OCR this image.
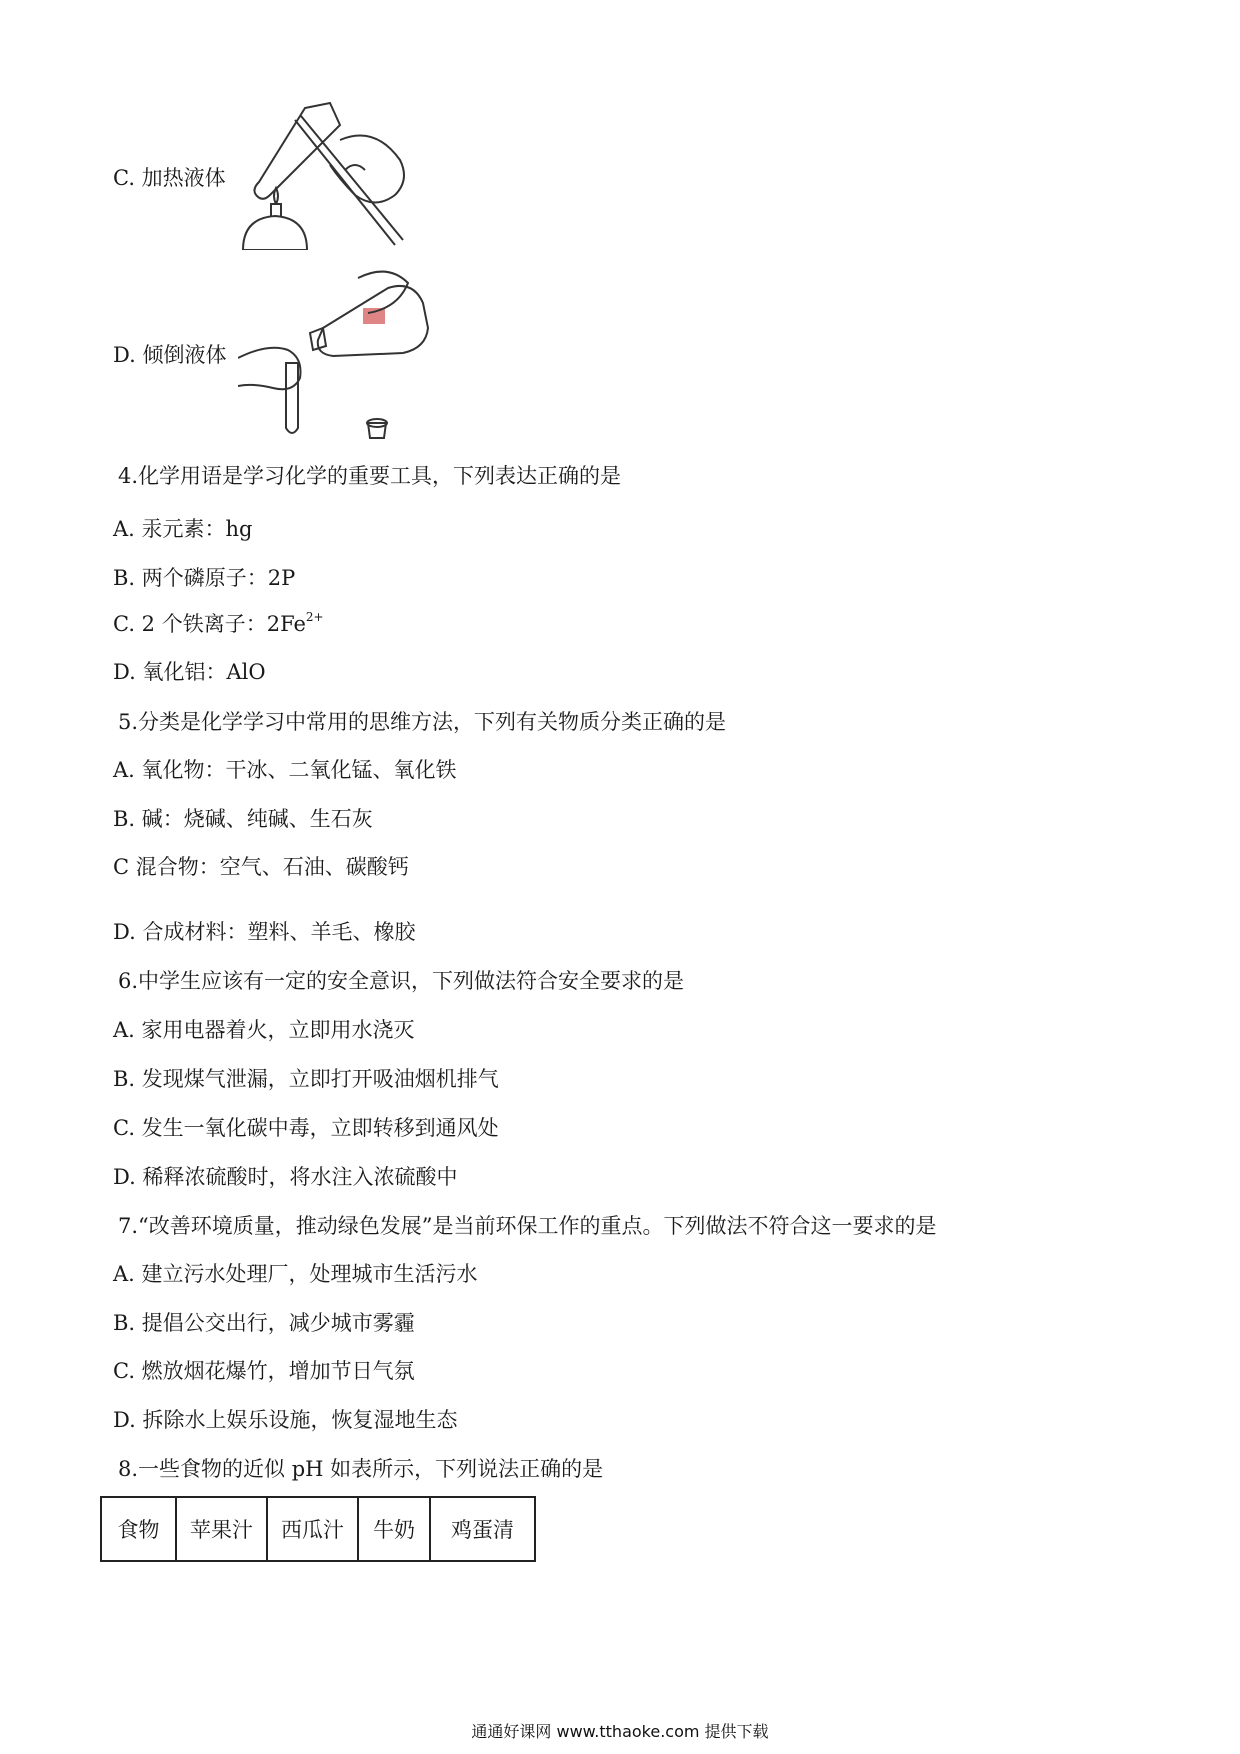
C. 加热液体
D. 倾倒液体
4.化学用语是学习化学的重要工具，下列表达正确的是
A. 汞元素：hg
B. 两个磷原子：2P
C. 2 个铁离子：$2Fe^{2+}$
D. 氧化铝：AlO
5.分类是化学学习中常用的思维方法，下列有关物质分类正确的是
A. 氧化物：干冰、二氧化锰、氧化铁
B. 碱：烧碱、纯碱、生石灰
C 混合物：空气、石油、碳酸钙
D. 合成材料：塑料、羊毛、橡胶
6.中学生应该有一定的安全意识，下列做法符合安全要求的是
A. 家用电器着火，立即用水浇灭
B. 发现煤气泄漏，立即打开吸油烟机排气
C. 发生一氧化碳中毒，立即转移到通风处
D. 稀释浓硫酸时，将水注入浓硫酸中
7.“改善环境质量，推动绿色发展”是当前环保工作的重点。下列做法不符合这一要求的是
A. 建立污水处理厂，处理城市生活污水
B. 提倡公交出行，减少城市雾霾
C. 燃放烟花爆竹，增加节日气氛
D. 拆除水上娱乐设施，恢复湿地生态
8.一些食物的近似 pH 如表所示，下列说法正确的是
食物	苹果汁	西瓜汁	牛奶	鸡蛋清
通通好课网 www.tthaoke.com 提供下载
